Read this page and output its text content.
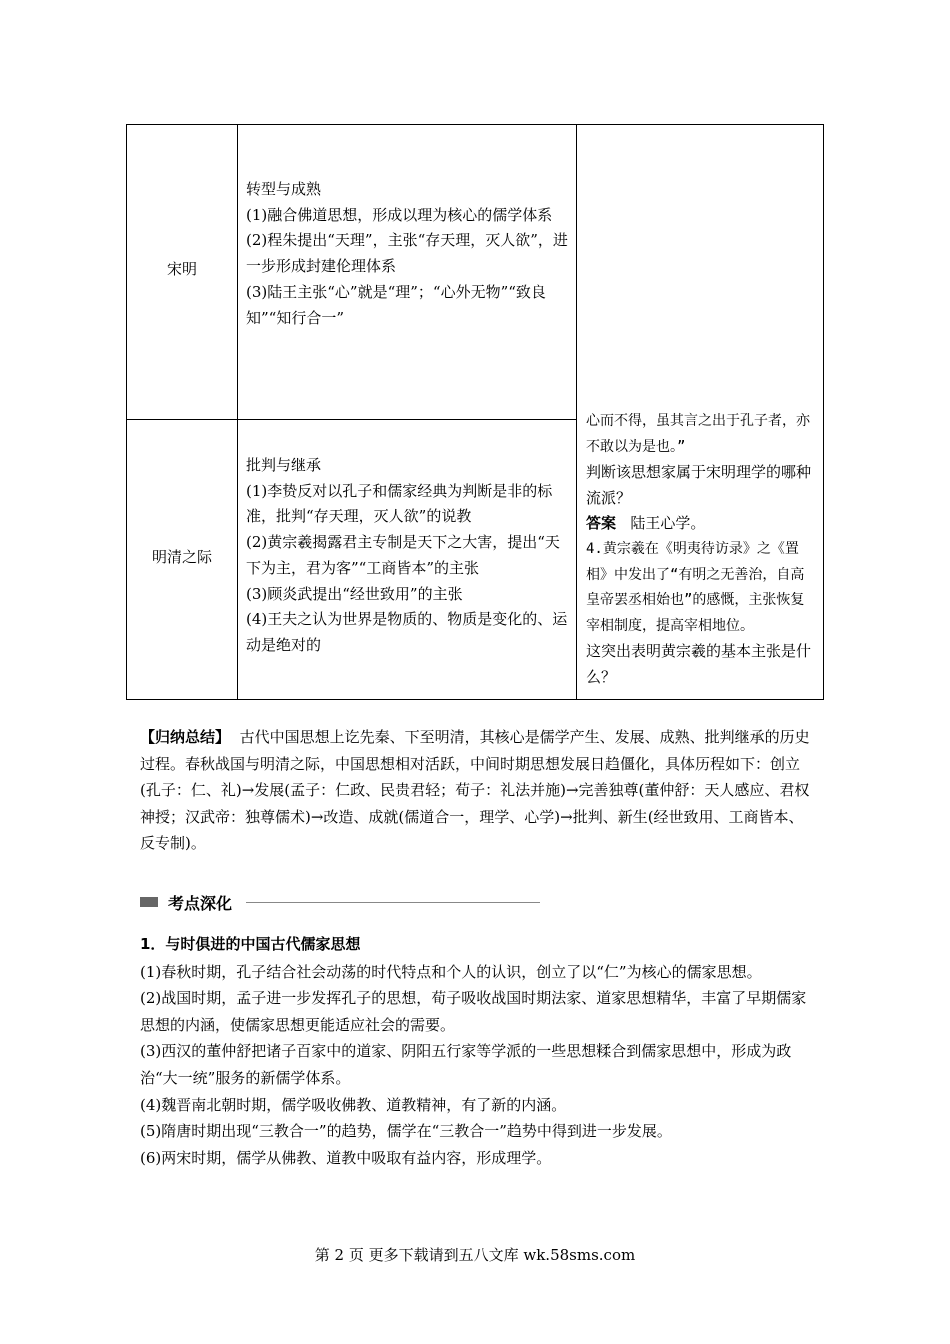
宋明

转型与成熟

(1)融合佛道思想，形成以理为核心的儒学体系

(2)程朱提出“天理”，主张“存天理，灭人欲”，进一步形成封建伦理体系

(3)陆王主张“心”就是“理”；“心外无物”“致良知”“知行合一”

明清之际

批判与继承

(1)李贽反对以孔子和儒家经典为判断是非的标准，批判“存天理，灭人欲”的说教

(2)黄宗羲揭露君主专制是天下之大害，提出“天下为主，君为客”“工商皆本”的主张

(3)顾炎武提出“经世致用”的主张

(4)王夫之认为世界是物质的、物质是变化的、运动是绝对的

心而不得，虽其言之出于孔子者，亦不敢以为是也。”

判断该思想家属于宋明理学的哪种流派？

答案 陆王心学。

4.黄宗羲在《明夷待访录》之《置相》中发出了“有明之无善治，自高皇帝罢丞相始也”的感慨，主张恢复宰相制度，提高宰相地位。

这突出表明黄宗羲的基本主张是什么？

【归纳总结】 古代中国思想上讫先秦、下至明清，其核心是儒学产生、发展、成熟、批判继承的历史过程。春秋战国与明清之际，中国思想相对活跃，中间时期思想发展日趋僵化，具体历程如下：创立(孔子：仁、礼)→发展(孟子：仁政、民贵君轻；荀子：礼法并施)→完善独尊(董仲舒：天人感应、君权神授；汉武帝：独尊儒术)→改造、成就(儒道合一，理学、心学)→批判、新生(经世致用、工商皆本、反专制)。
考点深化

1．与时俱进的中国古代儒家思想

(1)春秋时期，孔子结合社会动荡的时代特点和个人的认识，创立了以“仁”为核心的儒家思想。

(2)战国时期，孟子进一步发挥孔子的思想，荀子吸收战国时期法家、道家思想精华，丰富了早期儒家思想的内涵，使儒家思想更能适应社会的需要。

(3)西汉的董仲舒把诸子百家中的道家、阴阳五行家等学派的一些思想糅合到儒家思想中，形成为政治“大一统”服务的新儒学体系。

(4)魏晋南北朝时期，儒学吸收佛教、道教精神，有了新的内涵。

(5)隋唐时期出现“三教合一”的趋势，儒学在“三教合一”趋势中得到进一步发展。

(6)两宋时期，儒学从佛教、道教中吸取有益内容，形成理学。

第 2 页 更多下载请到五八文库 wk.58sms.com
